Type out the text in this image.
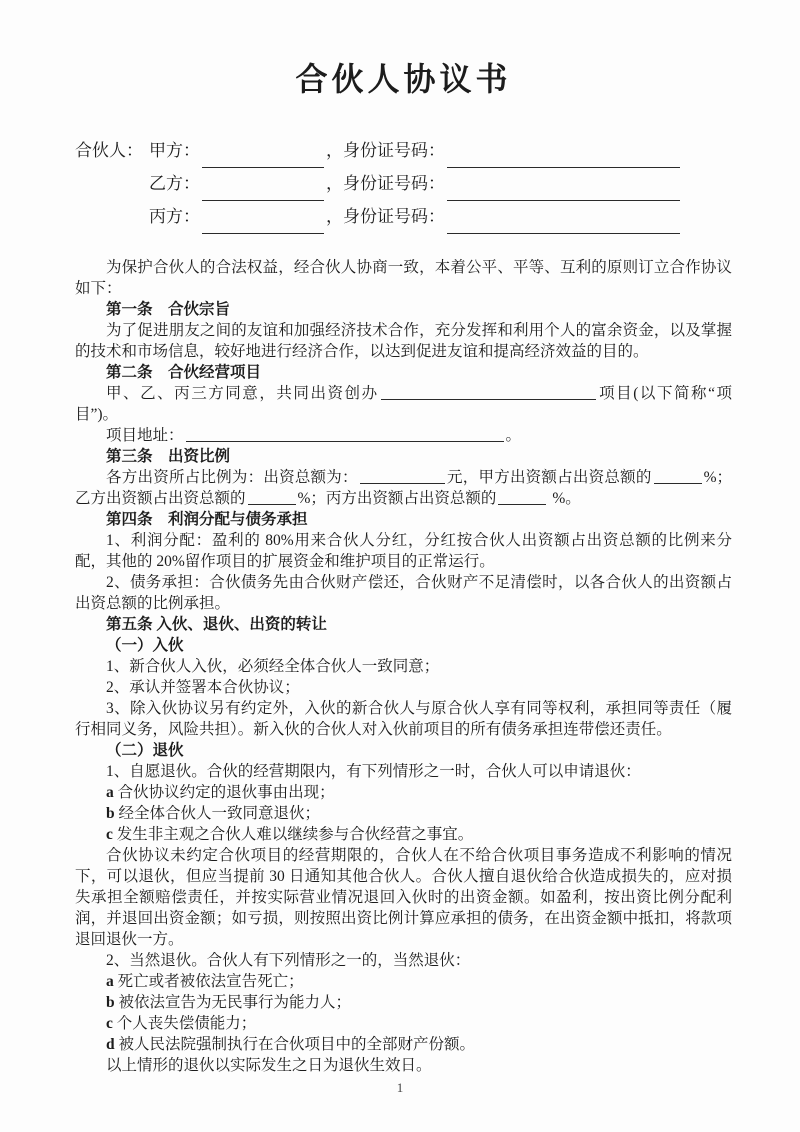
合伙人协议书
合伙人： 甲方：	，身份证号码：
乙方：	，身份证号码：
丙方：	，身份证号码：
为保护合伙人的合法权益，经合伙人协商一致，本着公平、平等、互利的原则订立合作协议如下：
第一条　合伙宗旨
为了促进朋友之间的友谊和加强经济技术合作，充分发挥和利用个人的富余资金，以及掌握的技术和市场信息，较好地进行经济合作，以达到促进友谊和提高经济效益的目的。
第二条　合伙经营项目
甲、乙、丙三方同意，共同出资创办	项目(以下简称“项目”)。
项目地址：	。
第三条　出资比例
各方出资所占比例为：出资总额为：	元，甲方出资额占出资总额的	%；乙方出资额占出资总额的	%；丙方出资额占出资总额的	%。
第四条　利润分配与债务承担
1、利润分配：盈利的 80%用来合伙人分红，分红按合伙人出资额占出资总额的比例来分配，其他的 20%留作项目的扩展资金和维护项目的正常运行。
2、债务承担：合伙债务先由合伙财产偿还，合伙财产不足清偿时，以各合伙人的出资额占出资总额的比例承担。
第五条 入伙、退伙、出资的转让
（一）入伙
1、新合伙人入伙，必须经全体合伙人一致同意；
2、承认并签署本合伙协议；
3、除入伙协议另有约定外，入伙的新合伙人与原合伙人享有同等权利，承担同等责任（履行相同义务，风险共担）。新入伙的合伙人对入伙前项目的所有债务承担连带偿还责任。
（二）退伙
1、自愿退伙。合伙的经营期限内，有下列情形之一时，合伙人可以申请退伙：
a 合伙协议约定的退伙事由出现；
b 经全体合伙人一致同意退伙；
c 发生非主观之合伙人难以继续参与合伙经营之事宜。
合伙协议未约定合伙项目的经营期限的，合伙人在不给合伙项目事务造成不利影响的情况下，可以退伙，但应当提前 30 日通知其他合伙人。合伙人擅自退伙给合伙造成损失的，应对损失承担全额赔偿责任，并按实际营业情况退回入伙时的出资金额。如盈利，按出资比例分配利润，并退回出资金额；如亏损，则按照出资比例计算应承担的债务，在出资金额中抵扣，将款项退回退伙一方。
2、当然退伙。合伙人有下列情形之一的，当然退伙：
a 死亡或者被依法宣告死亡；
b 被依法宣告为无民事行为能力人；
c 个人丧失偿债能力；
d 被人民法院强制执行在合伙项目中的全部财产份额。
以上情形的退伙以实际发生之日为退伙生效日。
1
